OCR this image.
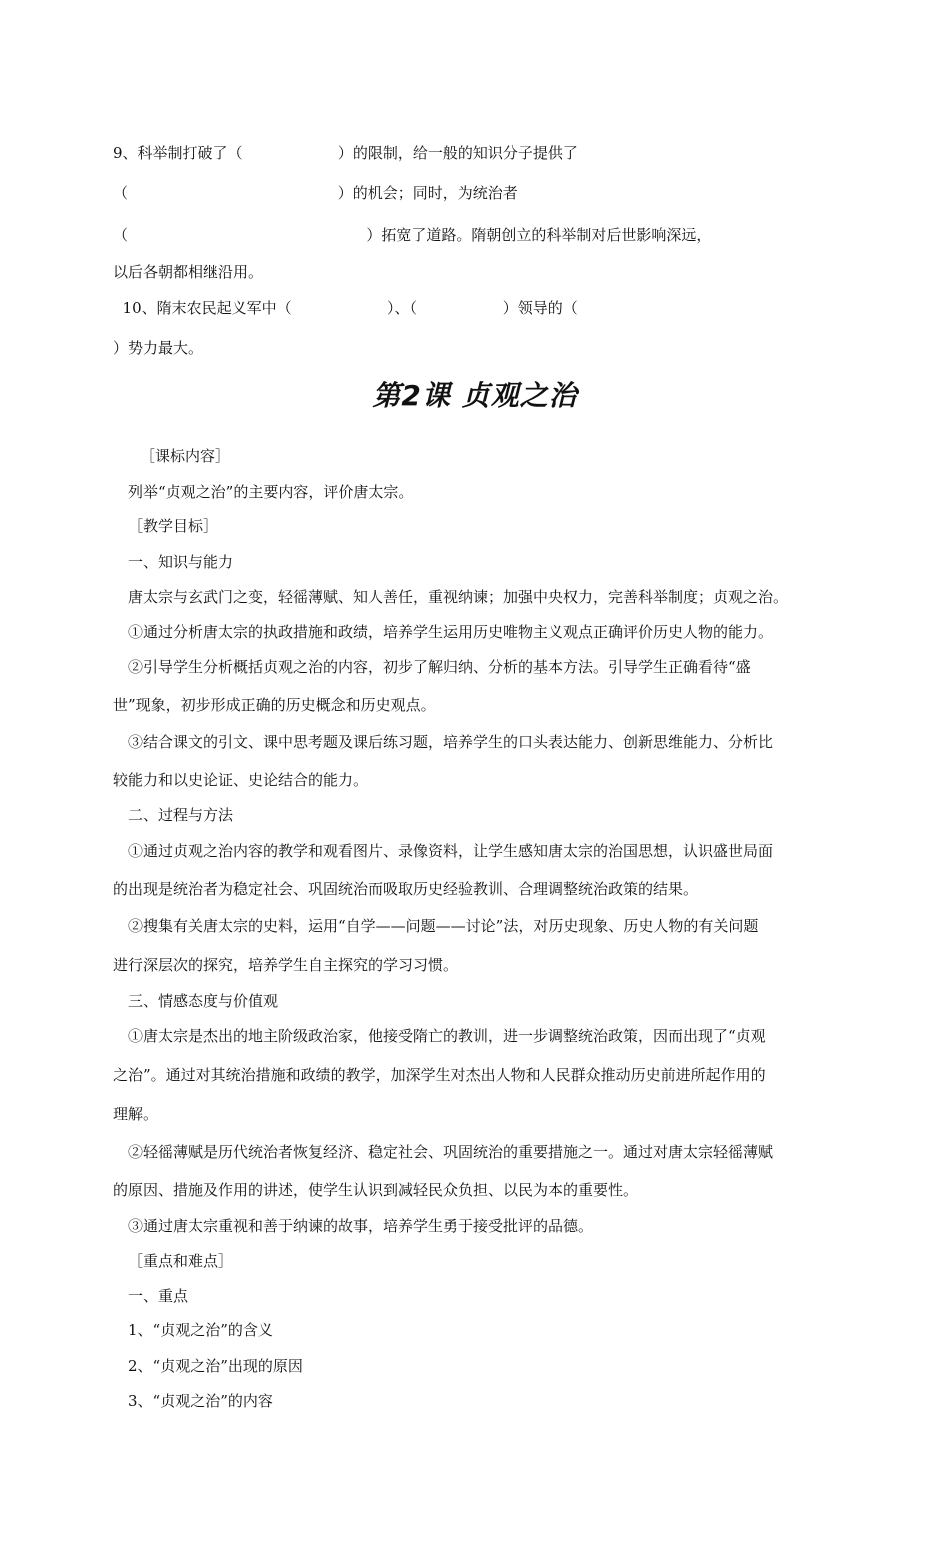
9、科举制打破了（                    ）的限制，给一般的知识分子提供了
（                                            ）的机会；同时，为统治者
（                                                  ）拓宽了道路。隋朝创立的科举制对后世影响深远，
以后各朝都相继沿用。
10、隋末农民起义军中（                    ）、（                  ）领导的（
）势力最大。
第2课 贞观之治
［课标内容］
列举“贞观之治”的主要内容，评价唐太宗。
［教学目标］
一、知识与能力
唐太宗与玄武门之变，轻徭薄赋、知人善任，重视纳谏；加强中央权力，完善科举制度；贞观之治。
①通过分析唐太宗的执政措施和政绩，培养学生运用历史唯物主义观点正确评价历史人物的能力。
②引导学生分析概括贞观之治的内容，初步了解归纳、分析的基本方法。引导学生正确看待“盛
世”现象，初步形成正确的历史概念和历史观点。
③结合课文的引文、课中思考题及课后练习题，培养学生的口头表达能力、创新思维能力、分析比
较能力和以史论证、史论结合的能力。
二、过程与方法
①通过贞观之治内容的教学和观看图片、录像资料，让学生感知唐太宗的治国思想，认识盛世局面
的出现是统治者为稳定社会、巩固统治而吸取历史经验教训、合理调整统治政策的结果。
②搜集有关唐太宗的史料，运用“自学——问题——讨论”法，对历史现象、历史人物的有关问题
进行深层次的探究，培养学生自主探究的学习习惯。
三、情感态度与价值观
①唐太宗是杰出的地主阶级政治家，他接受隋亡的教训，进一步调整统治政策，因而出现了“贞观
之治”。通过对其统治措施和政绩的教学，加深学生对杰出人物和人民群众推动历史前进所起作用的
理解。
②轻徭薄赋是历代统治者恢复经济、稳定社会、巩固统治的重要措施之一。通过对唐太宗轻徭薄赋
的原因、措施及作用的讲述，使学生认识到减轻民众负担、以民为本的重要性。
③通过唐太宗重视和善于纳谏的故事，培养学生勇于接受批评的品德。
［重点和难点］
一、重点
1、“贞观之治”的含义
2、“贞观之治”出现的原因
3、“贞观之治”的内容
